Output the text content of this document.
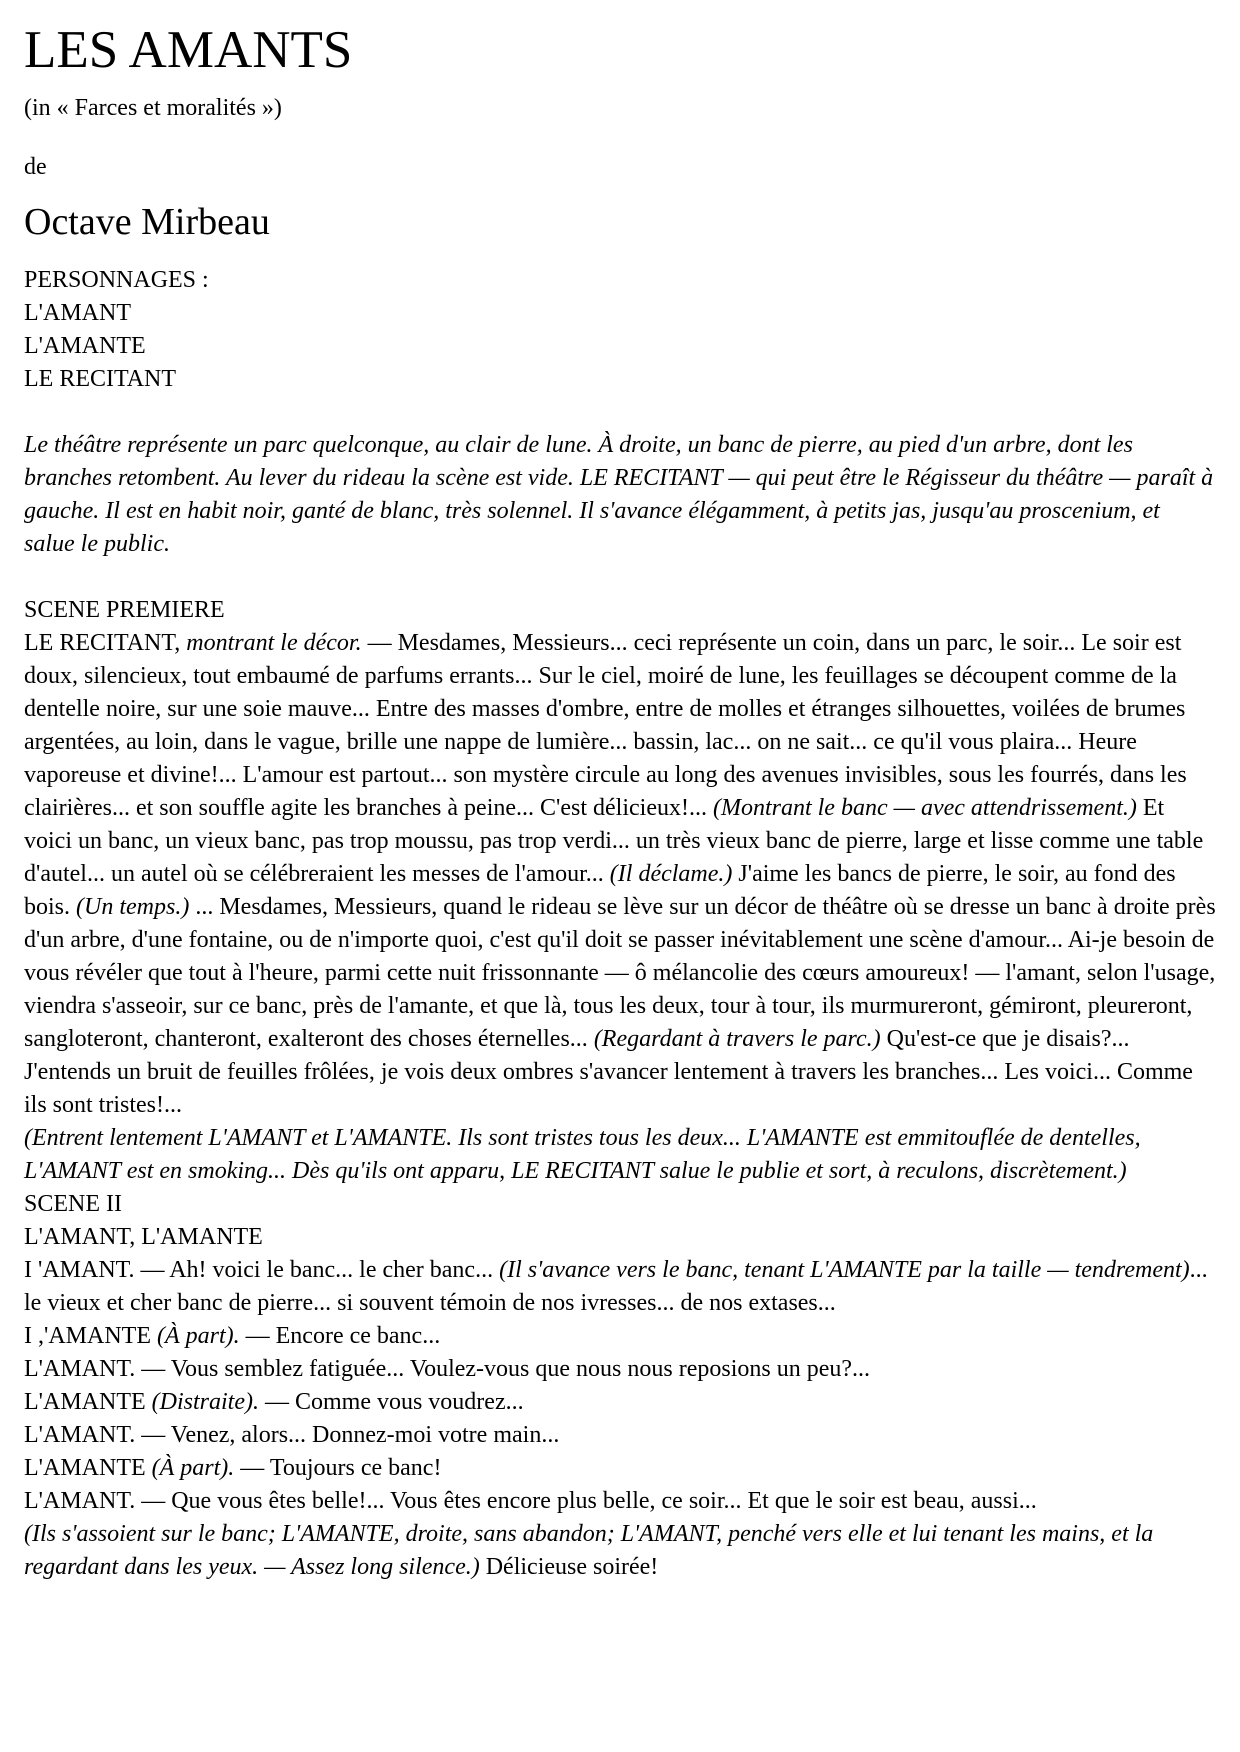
LES AMANTS

(in « Farces et moralités »)

de

Octave Mirbeau

PERSONNAGES :

L'AMANT

L'AMANTE

LE RECITANT

Le théâtre représente un parc quelconque, au clair de lune. À droite, un banc de pierre, au pied d'un arbre, dont les branches retombent. Au lever du rideau la scène est vide. LE RECITANT — qui peut être le Régisseur du théâtre — paraît à gauche. Il est en habit noir, ganté de blanc, très solennel. Il s'avance élégamment, à petits jas, jusqu'au proscenium, et salue le public.

SCENE PREMIERE

LE RECITANT, montrant le décor. — Mesdames, Messieurs... ceci représente un coin, dans un parc, le soir... Le soir est doux, silencieux, tout embaumé de parfums errants... Sur le ciel, moiré de lune, les feuillages se découpent comme de la dentelle noire, sur une soie mauve... Entre des masses d'ombre, entre de molles et étranges silhouettes, voilées de brumes argentées, au loin, dans le vague, brille une nappe de lumière... bassin, lac... on ne sait... ce qu'il vous plaira... Heure vaporeuse et divine!... L'amour est partout... son mystère circule au long des avenues invisibles, sous les fourrés, dans les clairières... et son souffle agite les branches à peine... C'est délicieux!... (Montrant le banc — avec attendrissement.) Et voici un banc, un vieux banc, pas trop moussu, pas trop verdi... un très vieux banc de pierre, large et lisse comme une table d'autel... un autel où se célébreraient les messes de l'amour... (Il déclame.) J'aime les bancs de pierre, le soir, au fond des bois. (Un temps.) ... Mesdames, Messieurs, quand le rideau se lève sur un décor de théâtre où se dresse un banc à droite près d'un arbre, d'une fontaine, ou de n'importe quoi, c'est qu'il doit se passer inévitablement une scène d'amour... Ai-je besoin de vous révéler que tout à l'heure, parmi cette nuit frissonnante — ô mélancolie des cœurs amoureux! — l'amant, selon l'usage, viendra s'asseoir, sur ce banc, près de l'amante, et que là, tous les deux, tour à tour, ils murmureront, gémiront, pleureront, sangloteront, chanteront, exalteront des choses éternelles... (Regardant à travers le parc.) Qu'est-ce que je disais?... J'entends un bruit de feuilles frôlées, je vois deux ombres s'avancer lentement à travers les branches... Les voici... Comme ils sont tristes!...

(Entrent lentement L'AMANT et L'AMANTE. Ils sont tristes tous les deux... L'AMANTE est emmitouflée de dentelles, L'AMANT est en smoking... Dès qu'ils ont apparu, LE RECITANT salue le publie et sort, à reculons, discrètement.)

SCENE II

L'AMANT, L'AMANTE

I 'AMANT. — Ah! voici le banc... le cher banc... (Il s'avance vers le banc, tenant L'AMANTE par la taille — tendrement)... le vieux et cher banc de pierre... si souvent témoin de nos ivresses... de nos extases...

I ,'AMANTE (À part). — Encore ce banc...

L'AMANT. — Vous semblez fatiguée... Voulez-vous que nous nous reposions un peu?...

L'AMANTE (Distraite). — Comme vous voudrez...

L'AMANT. — Venez, alors... Donnez-moi votre main...

L'AMANTE (À part). — Toujours ce banc!

L'AMANT. — Que vous êtes belle!... Vous êtes encore plus belle, ce soir... Et que le soir est beau, aussi...

(Ils s'assoient sur le banc; L'AMANTE, droite, sans abandon; L'AMANT, penché vers elle et lui tenant les mains, et la regardant dans les yeux. — Assez long silence.) Délicieuse soirée!
